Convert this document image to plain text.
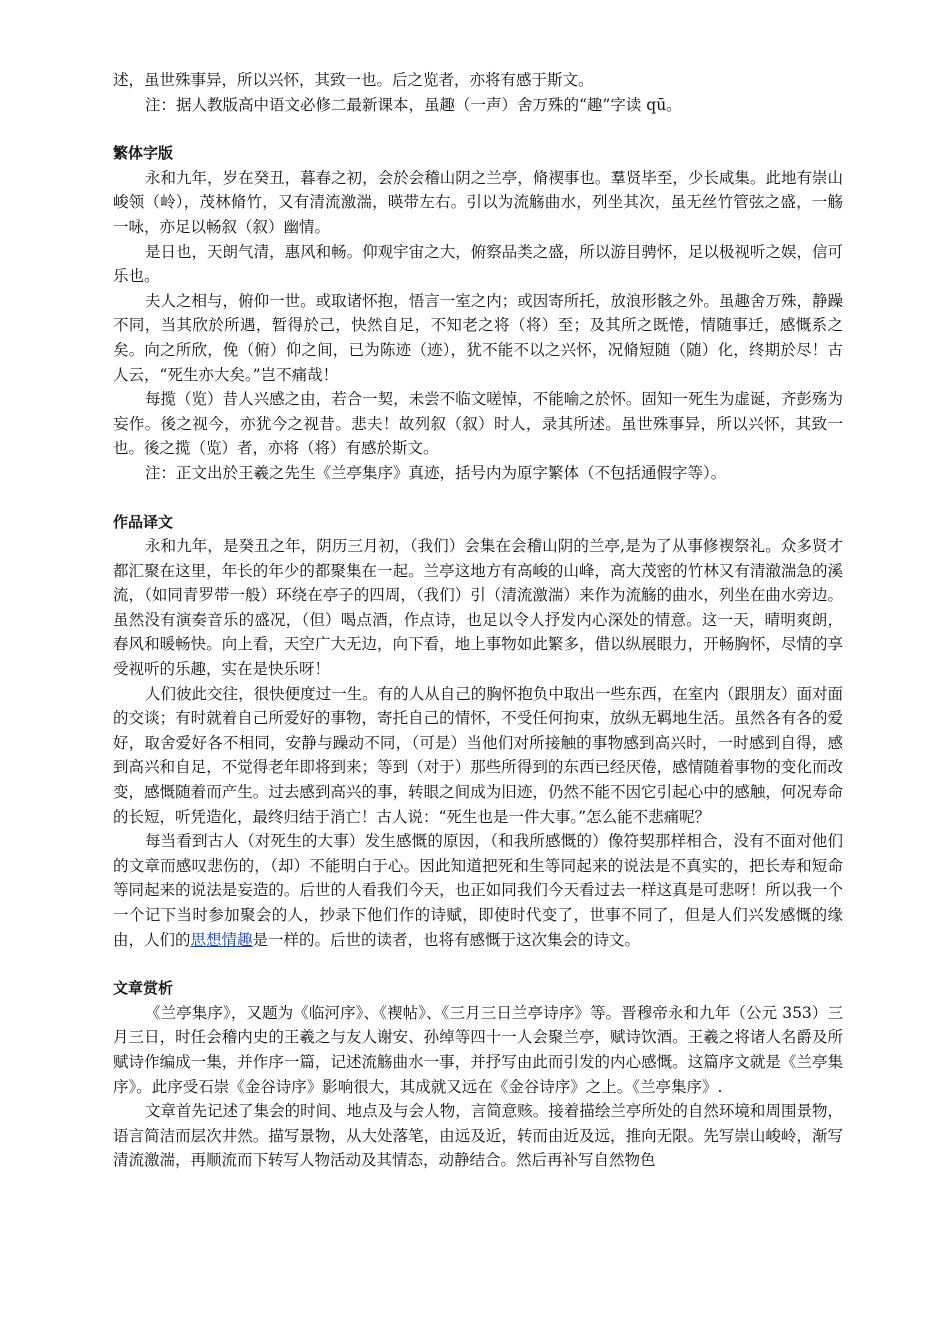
述，虽世殊事异，所以兴怀，其致一也。后之览者，亦将有感于斯文。

注：据人教版高中语文必修二最新课本，虽趣（一声）舍万殊的“趣”字读 qū。

繁体字版

永和九年，岁在癸丑，暮春之初，会於会稽山阴之兰亭，脩禊事也。羣贤毕至，少长咸集。此地有崇山峻领（岭），茂林脩竹，又有清流激湍，暎带左右。引以为流觞曲水，列坐其次，虽无丝竹管弦之盛，一觞一咏，亦足以畅叙（叙）幽情。

是日也，天朗气清，惠风和畅。仰观宇宙之大，俯察品类之盛，所以游目骋怀，足以极视听之娱，信可乐也。

夫人之相与，俯仰一世。或取诸怀抱，悟言一室之内；或因寄所托，放浪形骸之外。虽趣舍万殊，静躁不同，当其欣於所遇，暂得於己，快然自足，不知老之将（将）至；及其所之既惓，情随事迁，感慨系之矣。向之所欣，俛（俯）仰之间，已为陈迹（迹），犹不能不以之兴怀，况脩短随（随）化，终期於尽！古人云，“死生亦大矣。”岂不痛哉！

每揽（览）昔人兴感之由，若合一契，未尝不临文嗟悼，不能喻之於怀。固知一死生为虚诞，齐彭殇为妄作。後之视今，亦犹今之视昔。悲夫！故列叙（叙）时人，录其所述。虽世殊事异，所以兴怀，其致一也。後之揽（览）者，亦将（将）有感於斯文。

注：正文出於王羲之先生《兰亭集序》真迹，括号内为原字繁体（不包括通假字等）。

作品译文

永和九年，是癸丑之年，阴历三月初，（我们）会集在会稽山阴的兰亭,是为了从事修褉祭礼。众多贤才都汇聚在这里，年长的年少的都聚集在一起。兰亭这地方有高峻的山峰，高大茂密的竹林又有清澈湍急的溪流，（如同青罗带一般）环绕在亭子的四周，（我们）引（清流激湍）来作为流觞的曲水，列坐在曲水旁边。虽然没有演奏音乐的盛况，（但）喝点酒，作点诗，也足以令人抒发内心深处的情意。这一天，晴明爽朗，春风和暖畅快。向上看，天空广大无边，向下看，地上事物如此繁多，借以纵展眼力，开畅胸怀，尽情的享受视听的乐趣，实在是快乐呀！

人们彼此交往，很快便度过一生。有的人从自己的胸怀抱负中取出一些东西，在室内（跟朋友）面对面的交谈；有时就着自己所爱好的事物，寄托自己的情怀，不受任何拘束，放纵无羁地生活。虽然各有各的爱好，取舍爱好各不相同，安静与躁动不同，（可是）当他们对所接触的事物感到高兴时，一时感到自得，感到高兴和自足，不觉得老年即将到来；等到（对于）那些所得到的东西已经厌倦，感情随着事物的变化而改变，感慨随着而产生。过去感到高兴的事，转眼之间成为旧迹，仍然不能不因它引起心中的感触，何况寿命的长短，听凭造化，最终归结于消亡！古人说：“死生也是一件大事。”怎么能不悲痛呢？

每当看到古人（对死生的大事）发生感慨的原因，（和我所感慨的）像符契那样相合，没有不面对他们的文章而感叹悲伤的，（却）不能明白于心。因此知道把死和生等同起来的说法是不真实的，把长寿和短命等同起来的说法是妄造的。后世的人看我们今天，也正如同我们今天看过去一样这真是可悲呀！所以我一个一个记下当时参加聚会的人，抄录下他们作的诗赋，即使时代变了，世事不同了，但是人们兴发感慨的缘由，人们的思想情趣是一样的。后世的读者，也将有感慨于这次集会的诗文。

文章赏析

《兰亭集序》，又题为《临河序》、《褉帖》、《三月三日兰亭诗序》等。晋穆帝永和九年（公元 353）三月三日，时任会稽内史的王羲之与友人谢安、孙绰等四十一人会聚兰亭，赋诗饮酒。王羲之将诸人名爵及所赋诗作编成一集，并作序一篇，记述流觞曲水一事，并抒写由此而引发的内心感慨。这篇序文就是《兰亭集序》。此序受石崇《金谷诗序》影响很大，其成就又远在《金谷诗序》之上。《兰亭集序》.

文章首先记述了集会的时间、地点及与会人物，言简意赅。接着描绘兰亭所处的自然环境和周围景物，语言简洁而层次井然。描写景物，从大处落笔，由远及近，转而由近及远，推向无限。先写崇山峻岭，渐写清流激湍，再顺流而下转写人物活动及其情态，动静结合。然后再补写自然物色
